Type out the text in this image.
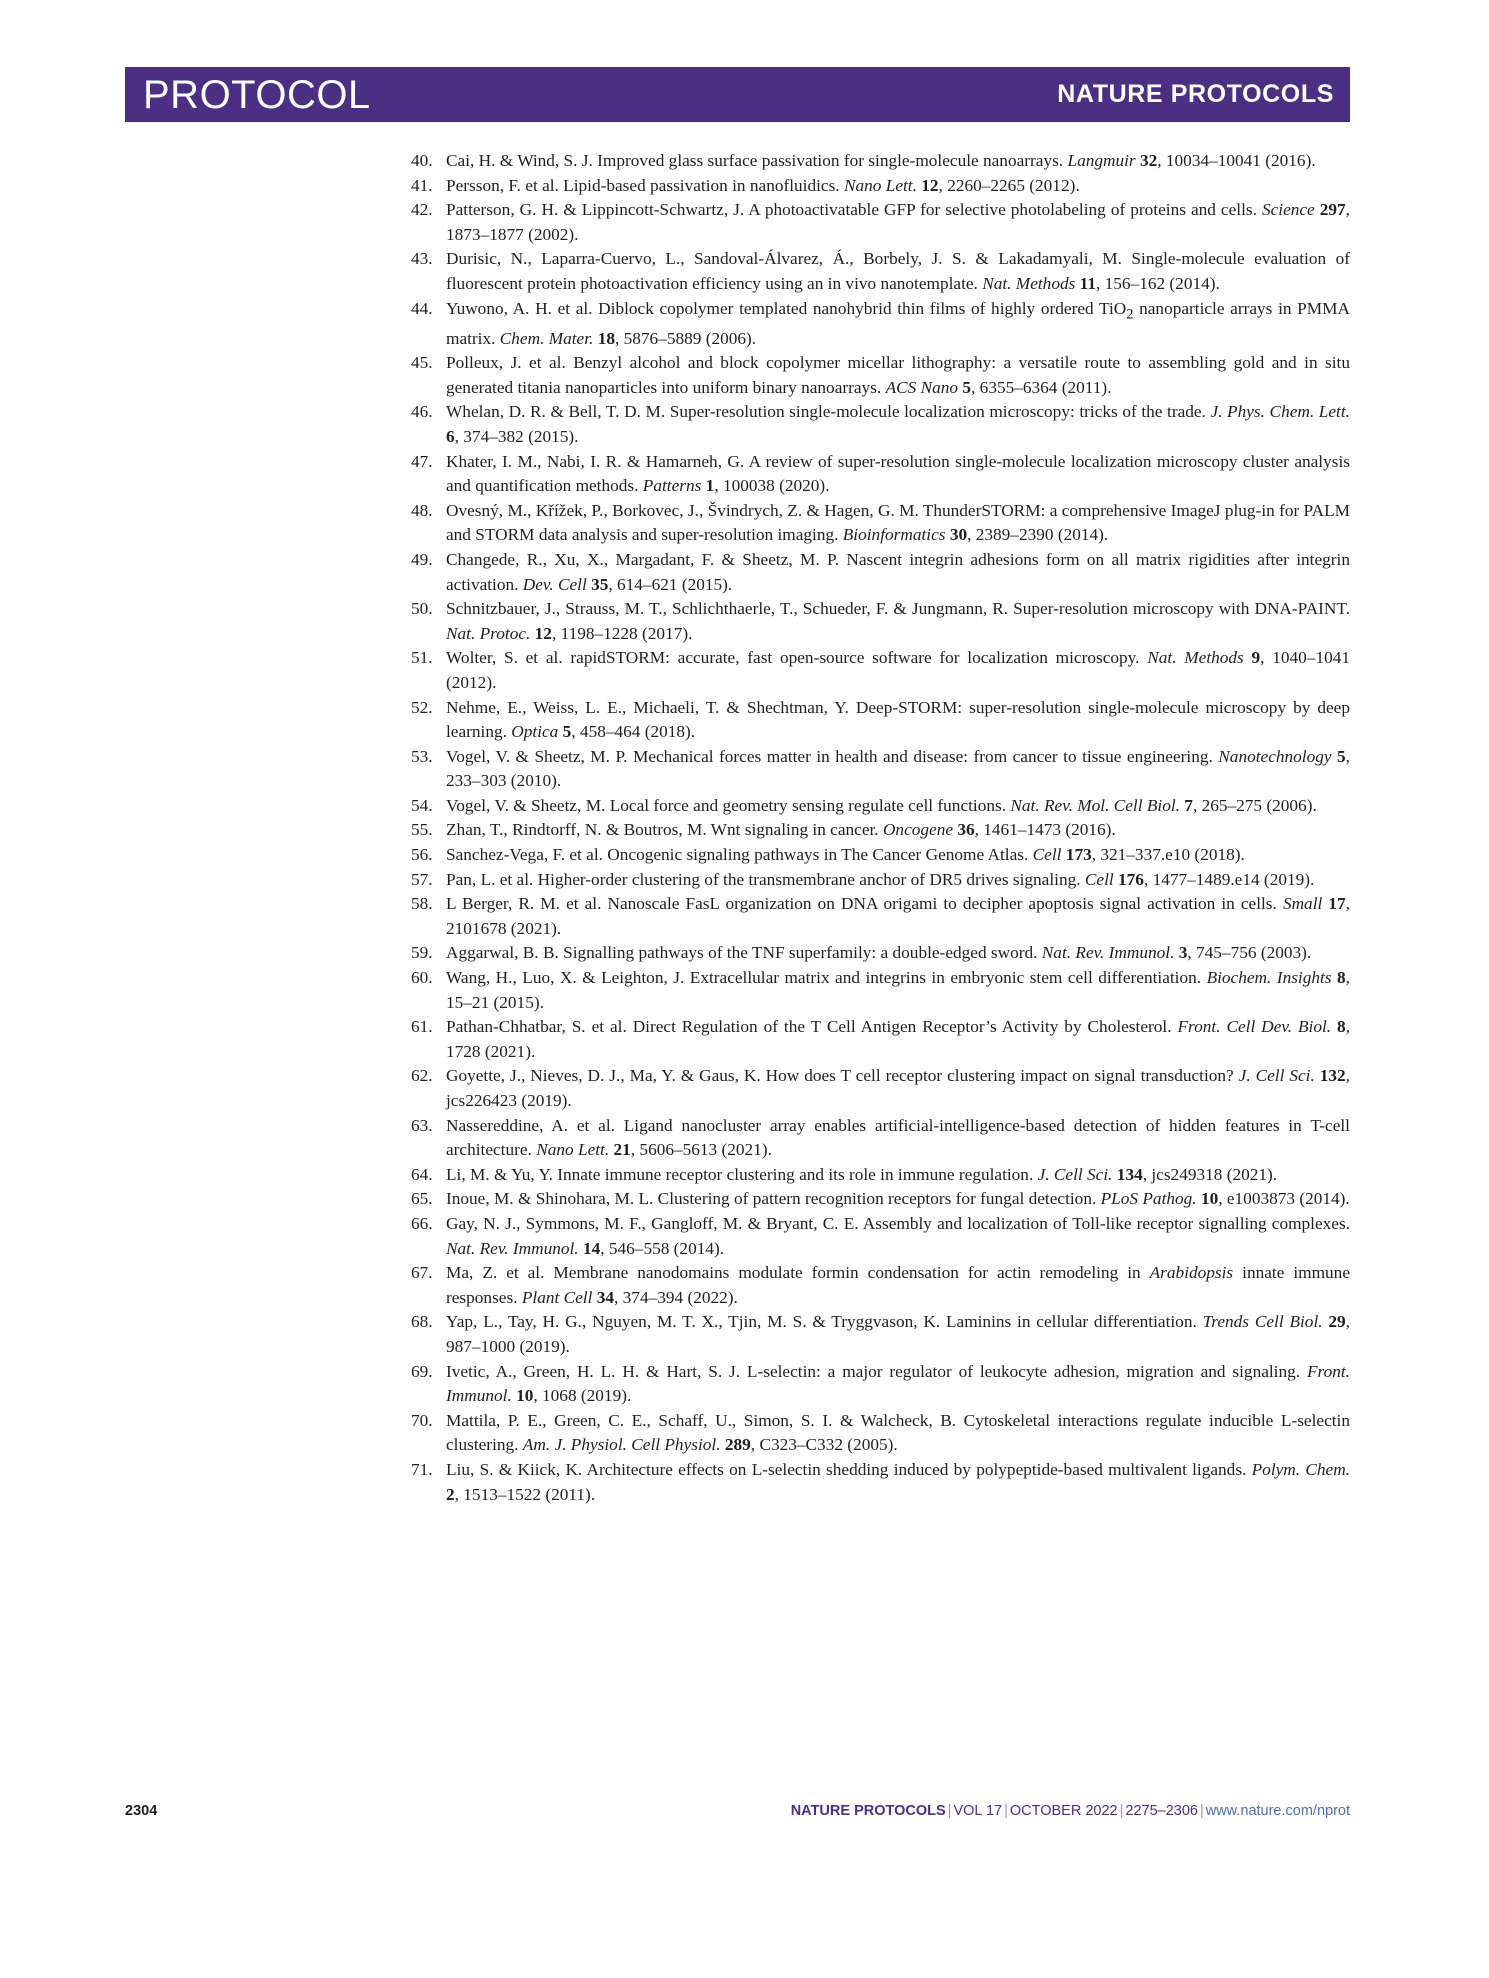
PROTOCOL	NATURE PROTOCOLS
40. Cai, H. & Wind, S. J. Improved glass surface passivation for single-molecule nanoarrays. Langmuir 32, 10034–10041 (2016).
41. Persson, F. et al. Lipid-based passivation in nanofluidics. Nano Lett. 12, 2260–2265 (2012).
42. Patterson, G. H. & Lippincott-Schwartz, J. A photoactivatable GFP for selective photolabeling of proteins and cells. Science 297, 1873–1877 (2002).
43. Durisic, N., Laparra-Cuervo, L., Sandoval-Álvarez, Á., Borbely, J. S. & Lakadamyali, M. Single-molecule evaluation of fluorescent protein photoactivation efficiency using an in vivo nanotemplate. Nat. Methods 11, 156–162 (2014).
44. Yuwono, A. H. et al. Diblock copolymer templated nanohybrid thin films of highly ordered TiO$_2$ nanoparticle arrays in PMMA matrix. Chem. Mater. 18, 5876–5889 (2006).
45. Polleux, J. et al. Benzyl alcohol and block copolymer micellar lithography: a versatile route to assembling gold and in situ generated titania nanoparticles into uniform binary nanoarrays. ACS Nano 5, 6355–6364 (2011).
46. Whelan, D. R. & Bell, T. D. M. Super-resolution single-molecule localization microscopy: tricks of the trade. J. Phys. Chem. Lett. 6, 374–382 (2015).
47. Khater, I. M., Nabi, I. R. & Hamarneh, G. A review of super-resolution single-molecule localization microscopy cluster analysis and quantification methods. Patterns 1, 100038 (2020).
48. Ovesný, M., Křížek, P., Borkovec, J., Švindrych, Z. & Hagen, G. M. ThunderSTORM: a comprehensive ImageJ plug-in for PALM and STORM data analysis and super-resolution imaging. Bioinformatics 30, 2389–2390 (2014).
49. Changede, R., Xu, X., Margadant, F. & Sheetz, M. P. Nascent integrin adhesions form on all matrix rigidities after integrin activation. Dev. Cell 35, 614–621 (2015).
50. Schnitzbauer, J., Strauss, M. T., Schlichthaerle, T., Schueder, F. & Jungmann, R. Super-resolution microscopy with DNA-PAINT. Nat. Protoc. 12, 1198–1228 (2017).
51. Wolter, S. et al. rapidSTORM: accurate, fast open-source software for localization microscopy. Nat. Methods 9, 1040–1041 (2012).
52. Nehme, E., Weiss, L. E., Michaeli, T. & Shechtman, Y. Deep-STORM: super-resolution single-molecule microscopy by deep learning. Optica 5, 458–464 (2018).
53. Vogel, V. & Sheetz, M. P. Mechanical forces matter in health and disease: from cancer to tissue engineering. Nanotechnology 5, 233–303 (2010).
54. Vogel, V. & Sheetz, M. Local force and geometry sensing regulate cell functions. Nat. Rev. Mol. Cell Biol. 7, 265–275 (2006).
55. Zhan, T., Rindtorff, N. & Boutros, M. Wnt signaling in cancer. Oncogene 36, 1461–1473 (2016).
56. Sanchez-Vega, F. et al. Oncogenic signaling pathways in The Cancer Genome Atlas. Cell 173, 321–337.e10 (2018).
57. Pan, L. et al. Higher-order clustering of the transmembrane anchor of DR5 drives signaling. Cell 176, 1477–1489.e14 (2019).
58. L Berger, R. M. et al. Nanoscale FasL organization on DNA origami to decipher apoptosis signal activation in cells. Small 17, 2101678 (2021).
59. Aggarwal, B. B. Signalling pathways of the TNF superfamily: a double-edged sword. Nat. Rev. Immunol. 3, 745–756 (2003).
60. Wang, H., Luo, X. & Leighton, J. Extracellular matrix and integrins in embryonic stem cell differentiation. Biochem. Insights 8, 15–21 (2015).
61. Pathan-Chhatbar, S. et al. Direct Regulation of the T Cell Antigen Receptor’s Activity by Cholesterol. Front. Cell Dev. Biol. 8, 1728 (2021).
62. Goyette, J., Nieves, D. J., Ma, Y. & Gaus, K. How does T cell receptor clustering impact on signal transduction? J. Cell Sci. 132, jcs226423 (2019).
63. Nassereddine, A. et al. Ligand nanocluster array enables artificial-intelligence-based detection of hidden features in T-cell architecture. Nano Lett. 21, 5606–5613 (2021).
64. Li, M. & Yu, Y. Innate immune receptor clustering and its role in immune regulation. J. Cell Sci. 134, jcs249318 (2021).
65. Inoue, M. & Shinohara, M. L. Clustering of pattern recognition receptors for fungal detection. PLoS Pathog. 10, e1003873 (2014).
66. Gay, N. J., Symmons, M. F., Gangloff, M. & Bryant, C. E. Assembly and localization of Toll-like receptor signalling complexes. Nat. Rev. Immunol. 14, 546–558 (2014).
67. Ma, Z. et al. Membrane nanodomains modulate formin condensation for actin remodeling in Arabidopsis innate immune responses. Plant Cell 34, 374–394 (2022).
68. Yap, L., Tay, H. G., Nguyen, M. T. X., Tjin, M. S. & Tryggvason, K. Laminins in cellular differentiation. Trends Cell Biol. 29, 987–1000 (2019).
69. Ivetic, A., Green, H. L. H. & Hart, S. J. L-selectin: a major regulator of leukocyte adhesion, migration and signaling. Front. Immunol. 10, 1068 (2019).
70. Mattila, P. E., Green, C. E., Schaff, U., Simon, S. I. & Walcheck, B. Cytoskeletal interactions regulate inducible L-selectin clustering. Am. J. Physiol. Cell Physiol. 289, C323–C332 (2005).
71. Liu, S. & Kiick, K. Architecture effects on L-selectin shedding induced by polypeptide-based multivalent ligands. Polym. Chem. 2, 1513–1522 (2011).
2304	NATURE PROTOCOLS | VOL 17 | OCTOBER 2022 | 2275–2306 | www.nature.com/nprot
